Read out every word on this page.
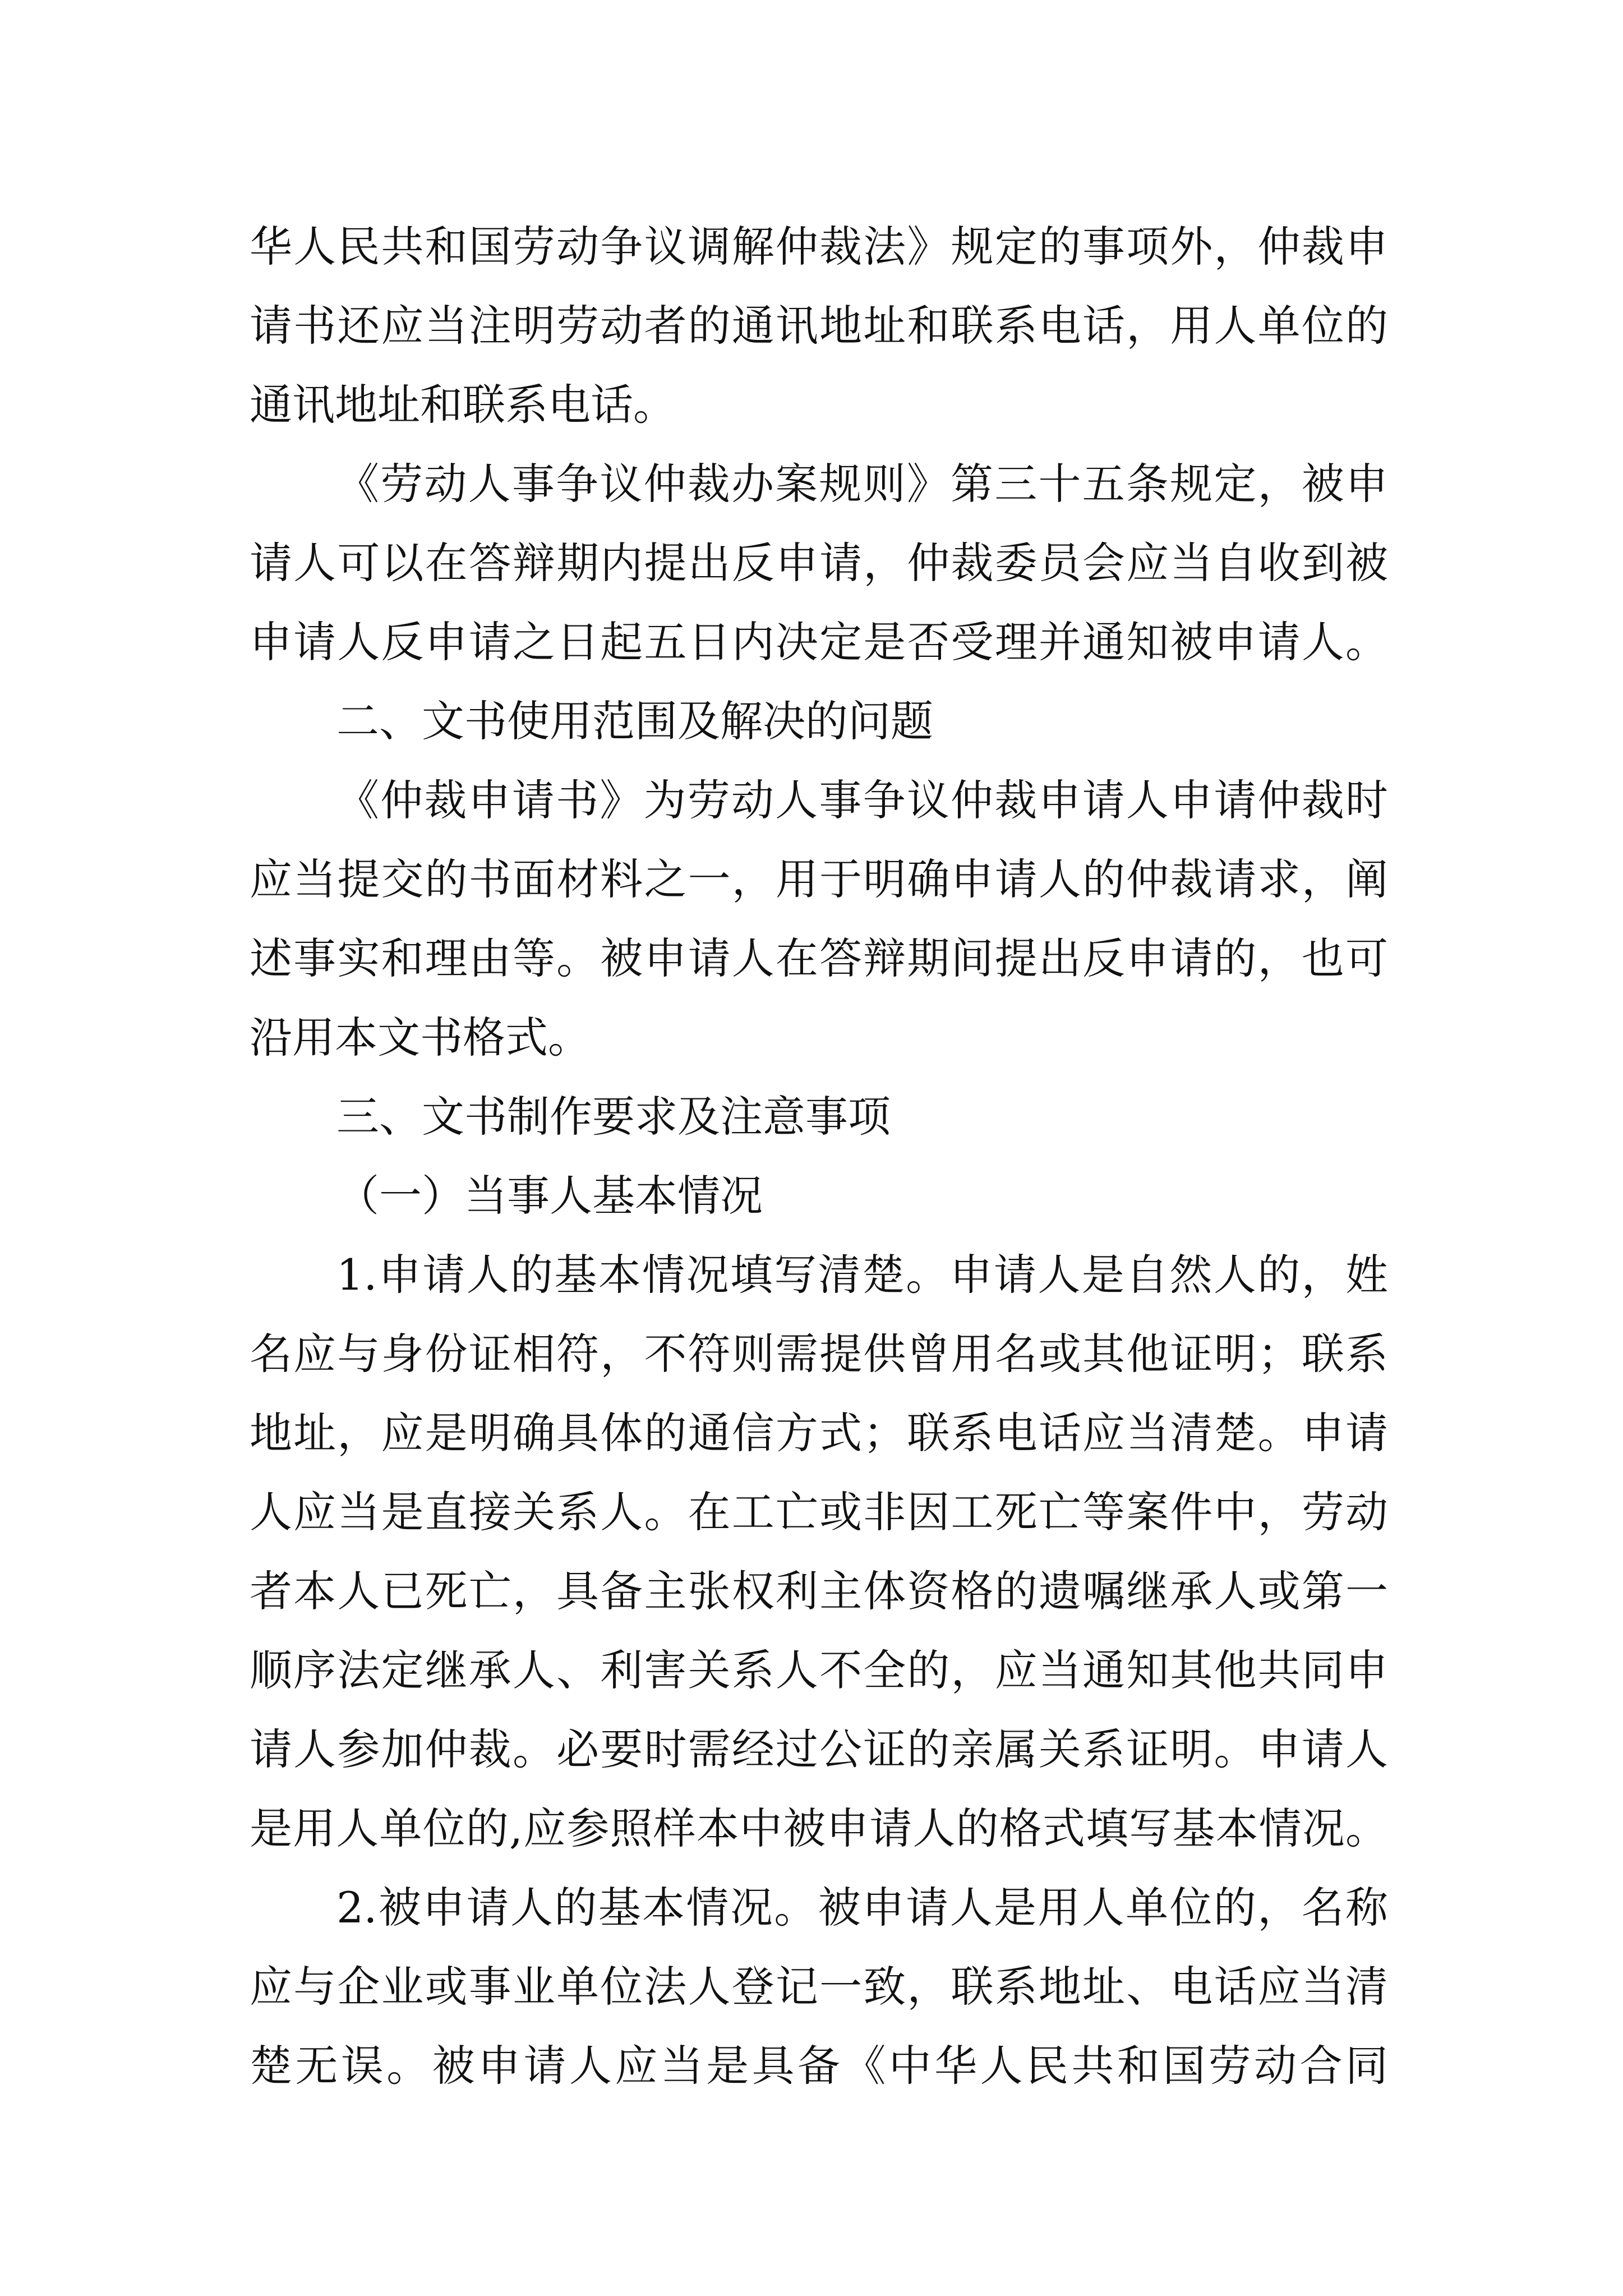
华人民共和国劳动争议调解仲裁法》规定的事项外，仲裁申

请书还应当注明劳动者的通讯地址和联系电话，用人单位的

通讯地址和联系电话。

《劳动人事争议仲裁办案规则》第三十五条规定，被申

请人可以在答辩期内提出反申请，仲裁委员会应当自收到被

申请人反申请之日起五日内决定是否受理并通知被申请人。

二、文书使用范围及解决的问题

《仲裁申请书》为劳动人事争议仲裁申请人申请仲裁时

应当提交的书面材料之一，用于明确申请人的仲裁请求，阐

述事实和理由等。被申请人在答辩期间提出反申请的，也可

沿用本文书格式。

三、文书制作要求及注意事项

（一）当事人基本情况

1.申请人的基本情况填写清楚。申请人是自然人的，姓

名应与身份证相符，不符则需提供曾用名或其他证明；联系

地址，应是明确具体的通信方式；联系电话应当清楚。申请

人应当是直接关系人。在工亡或非因工死亡等案件中，劳动

者本人已死亡，具备主张权利主体资格的遗嘱继承人或第一

顺序法定继承人、利害关系人不全的，应当通知其他共同申

请人参加仲裁。必要时需经过公证的亲属关系证明。申请人

是用人单位的,应参照样本中被申请人的格式填写基本情况。

2.被申请人的基本情况。被申请人是用人单位的，名称

应与企业或事业单位法人登记一致，联系地址、电话应当清

楚无误。被申请人应当是具备《中华人民共和国劳动合同
